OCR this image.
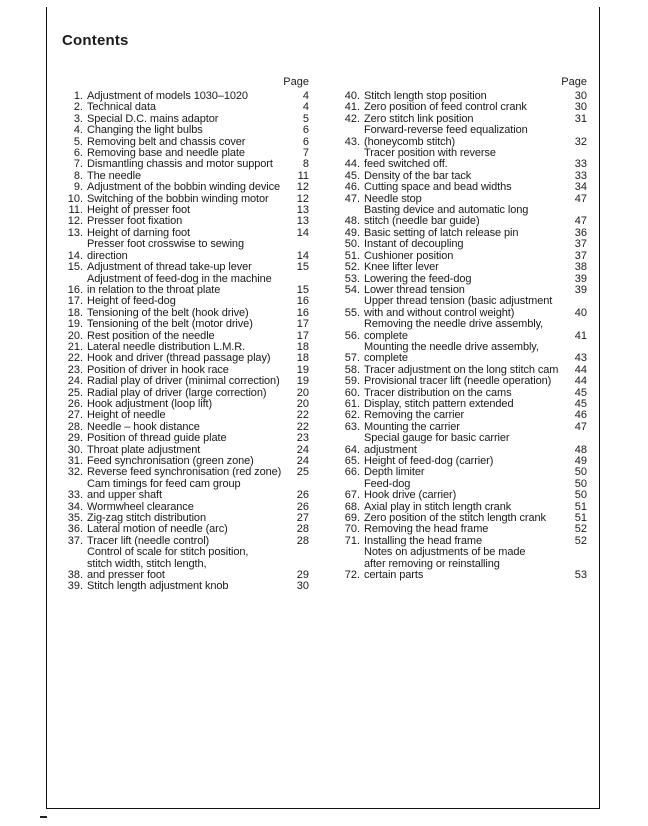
Contents
Page
1. Adjustment of models 1030–1020	4
2. Technical data	4
3. Special D.C. mains adaptor	5
4. Changing the light bulbs	6
5. Removing belt and chassis cover	6
6. Removing base and needle plate	7
7. Dismantling chassis and motor support	8
8. The needle	11
9. Adjustment of the bobbin winding device	12
10. Switching of the bobbin winding motor	12
11. Height of presser foot	13
12. Presser foot fixation	13
13. Height of darning foot	14
14.
Presser foot crosswise to sewing direction	14
15. Adjustment of thread take-up lever	15
16.
Adjustment of feed-dog in the machine
in relation to the throat plate	15
17. Height of feed-dog	16
18. Tensioning of the belt (hook drive)	16
19. Tensioning of the belt (motor drive)	17
20. Rest position of the needle	17
21. Lateral needle distribution L.M.R.	18
22. Hook and driver (thread passage play)	18
23. Position of driver in hook race	19
24. Radial play of driver (minimal correction)	19
25. Radial play of driver (large correction)	20
26. Hook adjustment (loop lift)	20
27. Height of needle	22
28. Needle – hook distance	22
29. Position of thread guide plate	23
30. Throat plate adjustment	24
31. Feed synchronisation (green zone)	24
32. Reverse feed synchronisation (red zone)	25
33.
Cam timings for feed cam group
and upper shaft	26
34. Wormwheel clearance	26
35. Zig-zag stitch distribution	27
36. Lateral motion of needle (arc)	28
37. Tracer lift (needle control)	28
38.
Control of scale for stitch position,
stitch width, stitch length,
and presser foot	29
39. Stitch length adjustment knob	30
Page
40. Stitch length stop position	30
41. Zero position of feed control crank	30
42. Zero stitch link position	31
43.
Forward-reverse feed equalization
(honeycomb stitch)	32
44.
Tracer position with reverse
feed switched off.	33
45. Density of the bar tack	33
46. Cutting space and bead widths	34
47. Needle stop	47
48.
Basting device and automatic long
stitch (needle bar guide)	47
49. Basic setting of latch release pin	36
50. Instant of decoupling	37
51. Cushioner position	37
52. Knee lifter lever	38
53. Lowering the feed-dog	39
54. Lower thread tension	39
55.
Upper thread tension (basic adjustment
with and without control weight)	40
56.
Removing the needle drive assembly,
complete	41
57.
Mounting the needle drive assembly,
complete	43
58. Tracer adjustment on the long stitch cam	44
59. Provisional tracer lift (needle operation)	44
60. Tracer distribution on the cams	45
61. Display, stitch pattern extended	45
62. Removing the carrier	46
63. Mounting the carrier	47
64.
Special gauge for basic carrier adjustment	48
65. Height of feed-dog (carrier)	49
66. Depth limiter	50
Feed-dog	50
67. Hook drive (carrier)	50
68. Axial play in stitch length crank	51
69. Zero position of the stitch length crank	51
70. Removing the head frame	52
71. Installing the head frame	52
72.
Notes on adjustments of be made
after removing or reinstalling
certain parts	53
